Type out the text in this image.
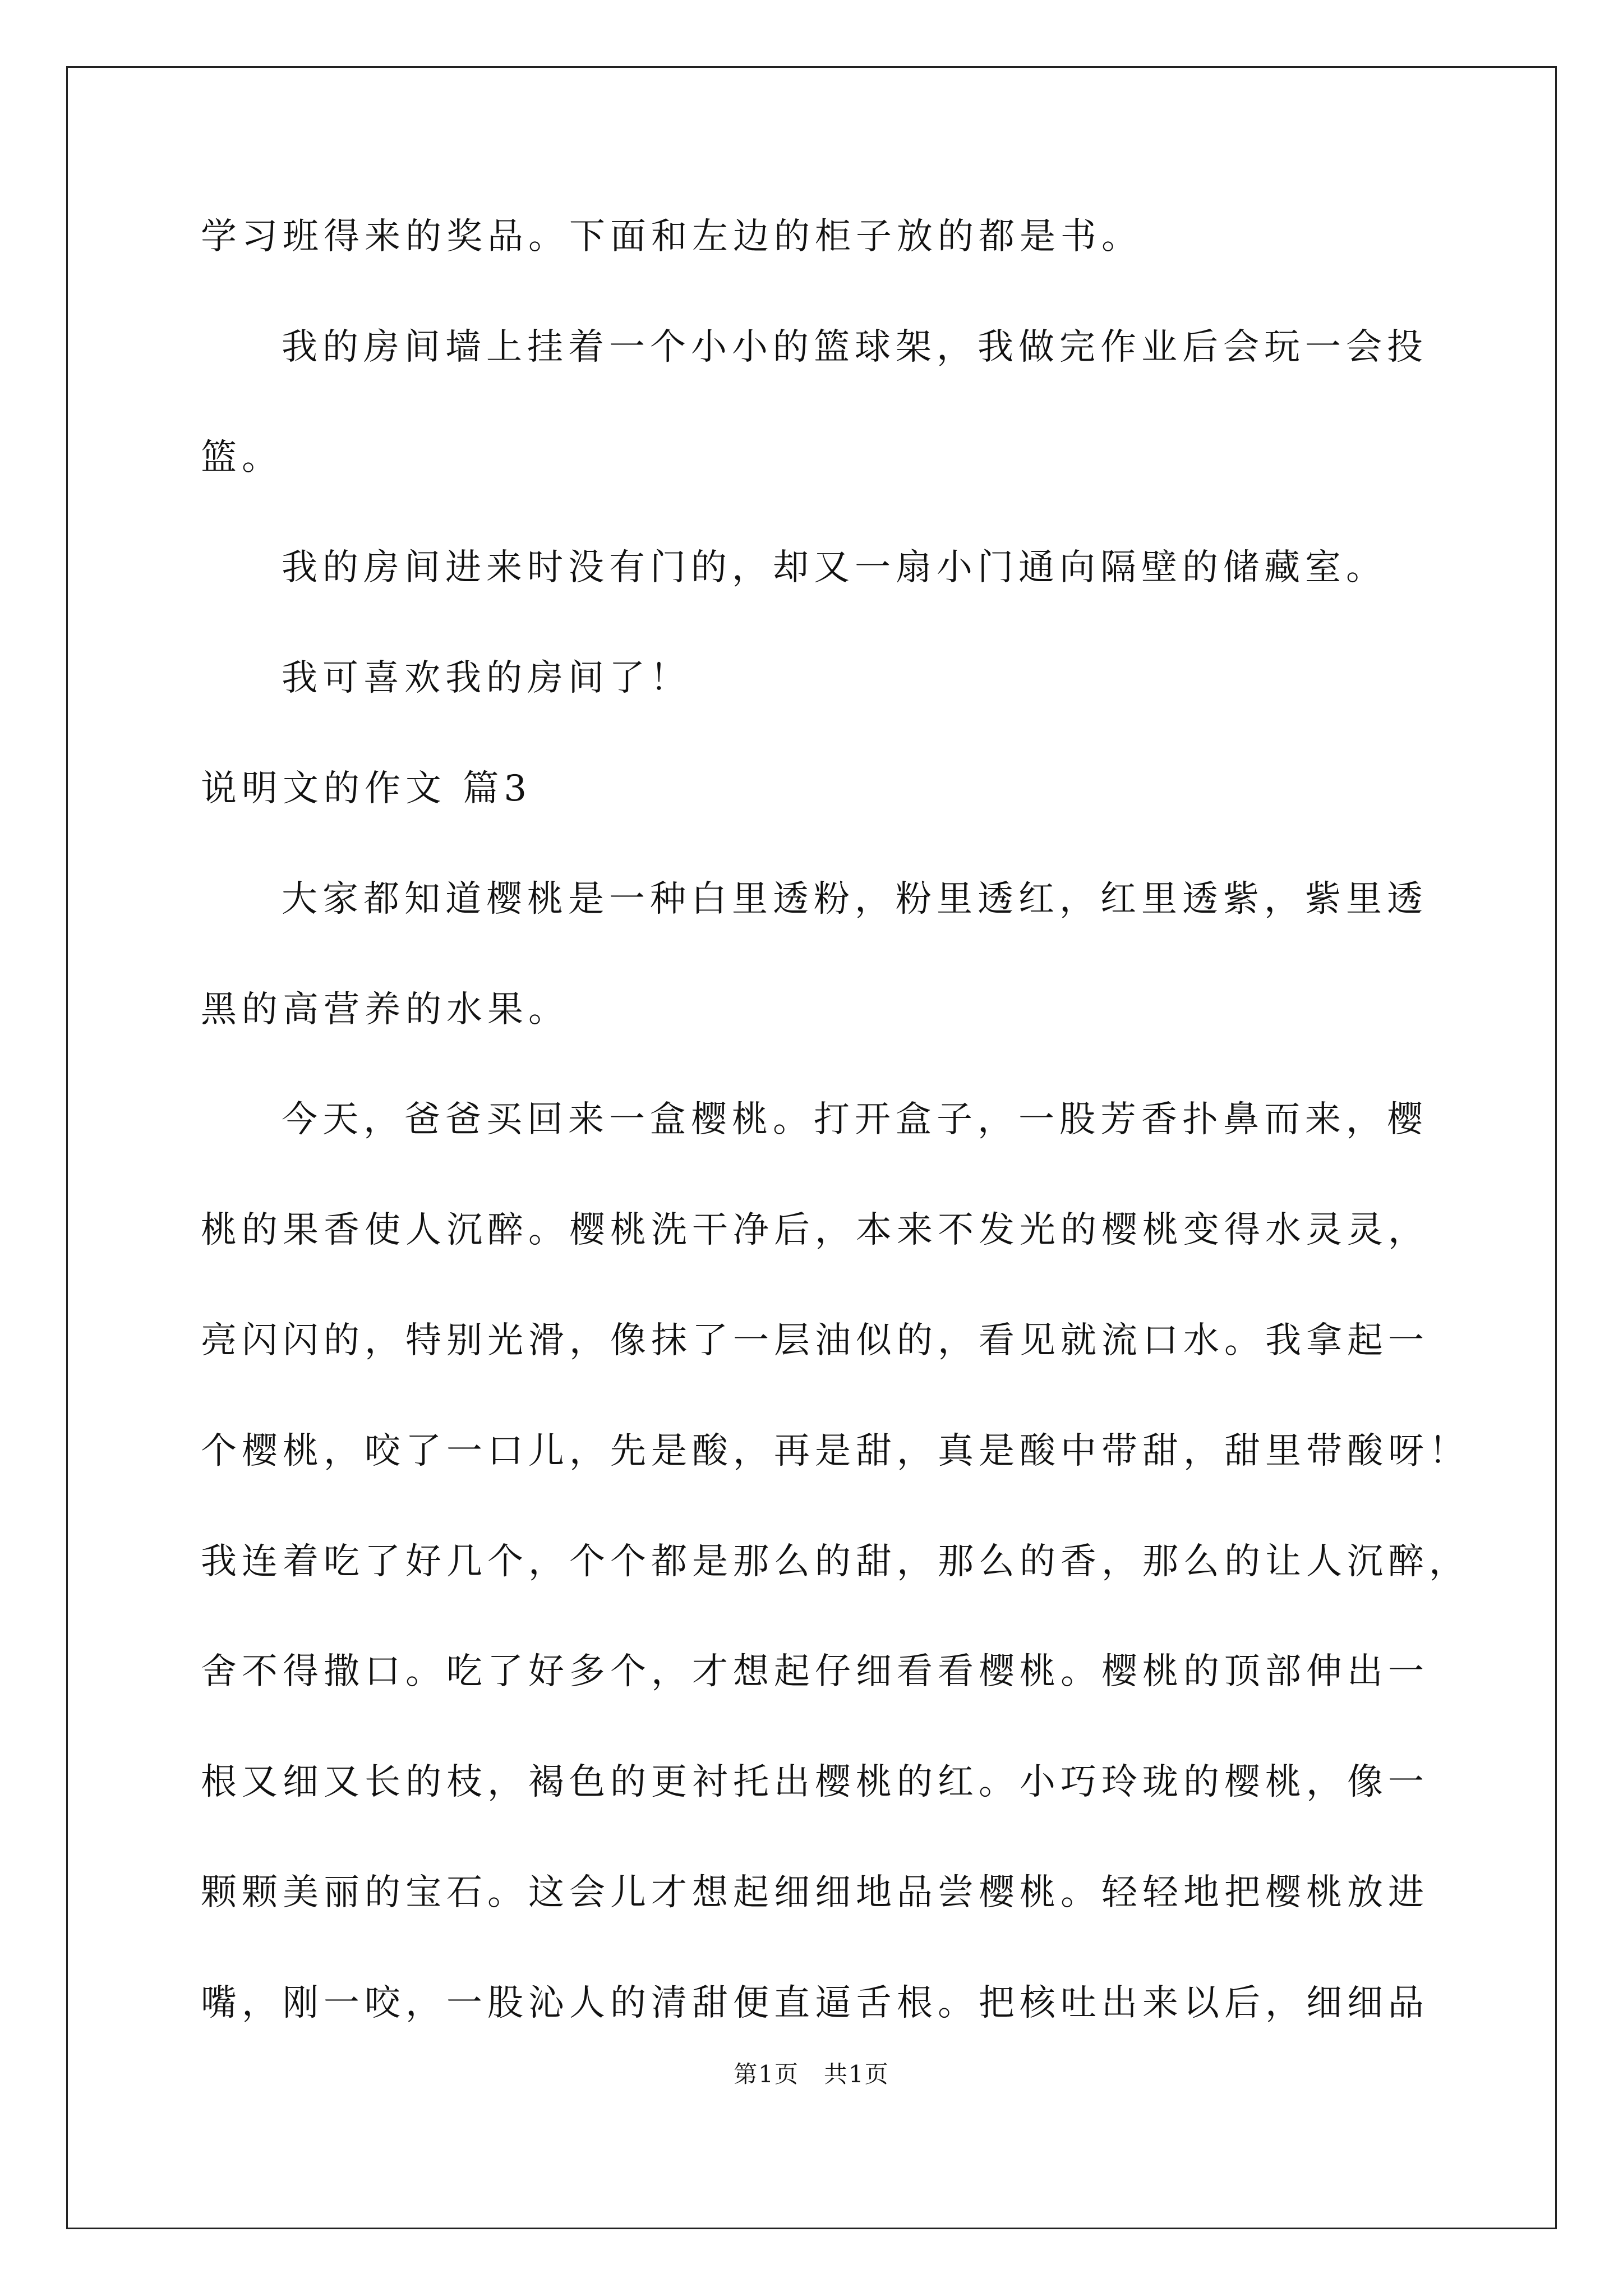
学习班得来的奖品。下面和左边的柜子放的都是书。
我的房间墙上挂着一个小小的篮球架，我做完作业后会玩一会投
篮。
我的房间进来时没有门的，却又一扇小门通向隔壁的储藏室。
我可喜欢我的房间了！
说明文的作文 篇3
大家都知道樱桃是一种白里透粉，粉里透红，红里透紫，紫里透
黑的高营养的水果。
今天，爸爸买回来一盒樱桃。打开盒子，一股芳香扑鼻而来，樱
桃的果香使人沉醉。樱桃洗干净后，本来不发光的樱桃变得水灵灵，
亮闪闪的，特别光滑，像抹了一层油似的，看见就流口水。我拿起一
个樱桃，咬了一口儿，先是酸，再是甜，真是酸中带甜，甜里带酸呀！
我连着吃了好几个，个个都是那么的甜，那么的香，那么的让人沉醉，
舍不得撒口。吃了好多个，才想起仔细看看樱桃。樱桃的顶部伸出一
根又细又长的枝，褐色的更衬托出樱桃的红。小巧玲珑的樱桃，像一
颗颗美丽的宝石。这会儿才想起细细地品尝樱桃。轻轻地把樱桃放进
嘴，刚一咬，一股沁人的清甜便直逼舌根。把核吐出来以后，细细品
第1页　共1页
